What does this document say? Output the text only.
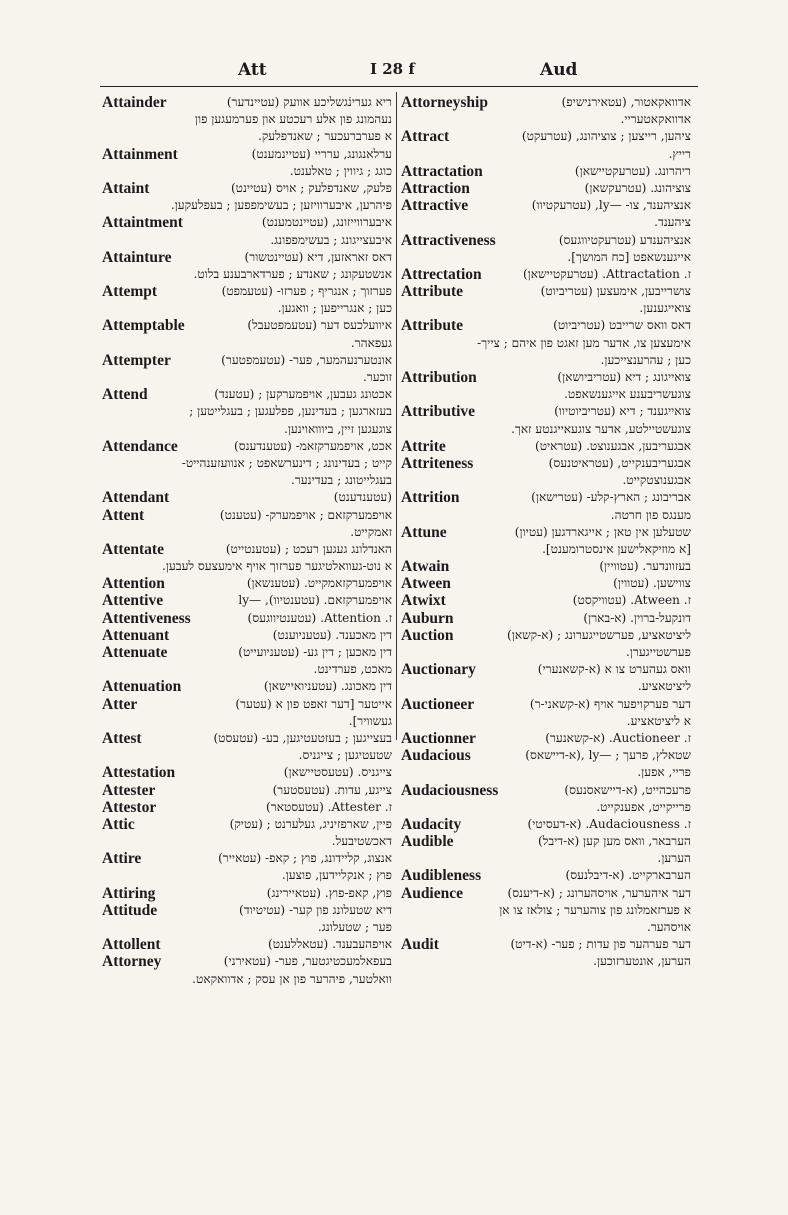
Att	I 28 f	Aud
Attainder	ריא גערינֿגשליכע אוועק (עטיינדער)
נעהמונג פון אלע רעכטע און פערמעגען פון
א פערברעכער ; שאנדפלעק.
Attainment	ערלאנגונג, ערריי (עטיינמענט)
כוגג ; גיווין ; טאלענט.
Attaint	פלעק, שאנדפלעק ; אויס (עטיינט)
פיהרען, איבערוויזען ; בעשימפפען ; בעפלעקען.
Attaintment	איבערווייזונג, (עטיינטמענט)
איבעצייגונג ; בעשימפפונג.
Attainture	דאס זאראזען, דיא (עטיינטשור)
אנשטעקונג ; שאנדע ; פערדארבענע בלוט.
Attempt	פערזוך ; אנגריף ; פערזו- (עטעמפט)
כען ; אנגרייפען ; וואגען.
Attemptable	איוועלכעס דער (עטעמפטעבל)
געפאהר.
Attempter	אונטערנעהמער, פער- (עטעמפטער)
זוכער.
Attend	אכטונג געבען, אויפמערקען ; (עטענד)
בעזארגען ; בעדינען, פפלעגען ; בעגלייטען ;
צוגעגען זיין, ביווואוינען.
Attendance	אכט, אויפמערקזאמ- (עטענדענס)
קייט ; בעדינונג ; דינערשאפט ; אנוועזענהייט-
בעגלייטונג ; בעדינער.
Attendant	(עטענדענט)
Attent	אויפמערקזאם ; אויפמערק- (עטענט)
זאמקייט.
Attentate	האנדלונג געגען רעכט ; (עטענטייט)
א נוט-געוואלטיגער פערזוך אויף אימעצעס לעבען.
Attention	אויפמערקזאמקייט. (עטענשאן)
Attentive	אויפמערקזאם. (עטענטיוו), —ly
Attentiveness	ז. Attention. (עטענטיווגעס)
Attenuant	דין מאכענד. (עטעניוענט)
Attenuate	דין מאכען ; דין גע- (עטעניועייט)
מאכט, פערדינט.
Attenuation	דין מאכונג. (עטעניואיישאן)
Atter	אייטער [דער זאפט פון א (עטער)
געשוויר].
Attest	בעצייגען ; בעזטעטיגען, בע- (עטעסט)
שטעטיגען ; צייגניס.
Attestation	צייגניס. (עטעסטיישאן)
Attester	צייגע, עדות. (עטעסטער)
Attestor	ז. Attester. (עטעסטאר)
Attic	פיין, שארפזיניג, געלערנט ; (עטיק)
דאכשטיבעל.
Attire	אנצוג, קליידונג, פוץ ; קאפ- (עטאייר)
פוץ ; אנקליידען, פוצען.
Attiring	פוץ, קאפ-פוץ. (עטאיירינג)
Attitude	דיא שטעלונג פון קער- (עטיטיוד)
פער ; שטעלונג.
Attollent	אויפהעבענד. (עטאללענט)
Attorney	בעפאלמעכטיגטער, פער- (עטאירני)
וואלטער, פיהרער פון אן עסק ; אדוואקאט.
Attorneyship	אדוואקאטור, (עטאירנישיפ)
אדוואקאטעריי.
Attract	ציהען, רייצען ; צוציהונג, (עטרעקט)
רייץ.
Attractation	ריהרונג. (עטרעקטיישאן)
Attraction	צוציהונג. (עטרעקשאן)
Attractive	אנציהענד, צו- —ly, (עטרעקטיוו)
ציהענד.
Attractiveness	אנציהענדע (עטרעקטיווגעס)
אייגענשאפט [כח המושך].
Attrectation	ז. Attractation. (עטרעקטיישאן)
Attribute	צושרייבען, אימעצען (עטריביוט)
צואייגענען.
Attribute	דאס וואס שרייבט (עטריביוט)
אימעצען צו, אדער מען זאגט פון איהם ; צייך-
כען ; עהרענצייכען.
Attribution	צואייגונג ; דיא (עטריביושאן)
צוגעשריבענע אייגענשאפט.
Attributive	צואייגענד ; דיא (עטריביוטיוו)
צוגעשטיילטע, אדער צוגעאייגנטע זאך.
Attrite	אבגעריבען, אבגענוצט. (עטראיט)
Attriteness	אבגעריבענקייט, (עטראיטנעס)
אבגענוצטקייט.
Attrition	אבריבונג ; הארץ-קלע- (עטרישאן)
מענגס פון חרטה.
Attune	שטעלען אין טאן ; אייגארדגען (עטיון)
[א מוזיקאלישען אינסטרומענט].
Atwain	בעזוונדער. (עטוויין)
Atween	צווישען. (עטווין)
Atwixt	ז. Atween. (עטוויקסט)
Auburn	דונקעל-ברוין. (א-בארן)
Auction	ליציטאציע, פערשטייגערונג ; (א-קשאן)
פערשטייגערן.
Auctionary	וואס געהערט צו א (א-קשאנערי)
ליציטאציע.
Auctioneer	דער פערקויפער אויף (א-קשאני-ר)
א ליציטאציע.
Auctionner	ז. Auctioneer. (א-קשאנער)
Audacious	שטאלץ, פרעך ; —ly ,(א-דיישאס)
פריי, אפען.
Audaciousness	פרעכהייט, (א-דיישאסנעס)
פרייקייט, אפענקייט.
Audacity	ז. Audaciousness. (א-דעסיטי)
Audible	הערבאר, וואס מען קען (א-דיבל)
הערען.
Audibleness	הערבארקייט. (א-דיבלנעס)
Audience	דער איהערער, אויסהערונג ; (א-דיענס)
א פערזאמלונג פון צוהערער ; צולאז צו אן
אויסהער.
Audit	דער פערהער פון עדות ; פער- (א-דיט)
הערען, אונטערזוכען.
